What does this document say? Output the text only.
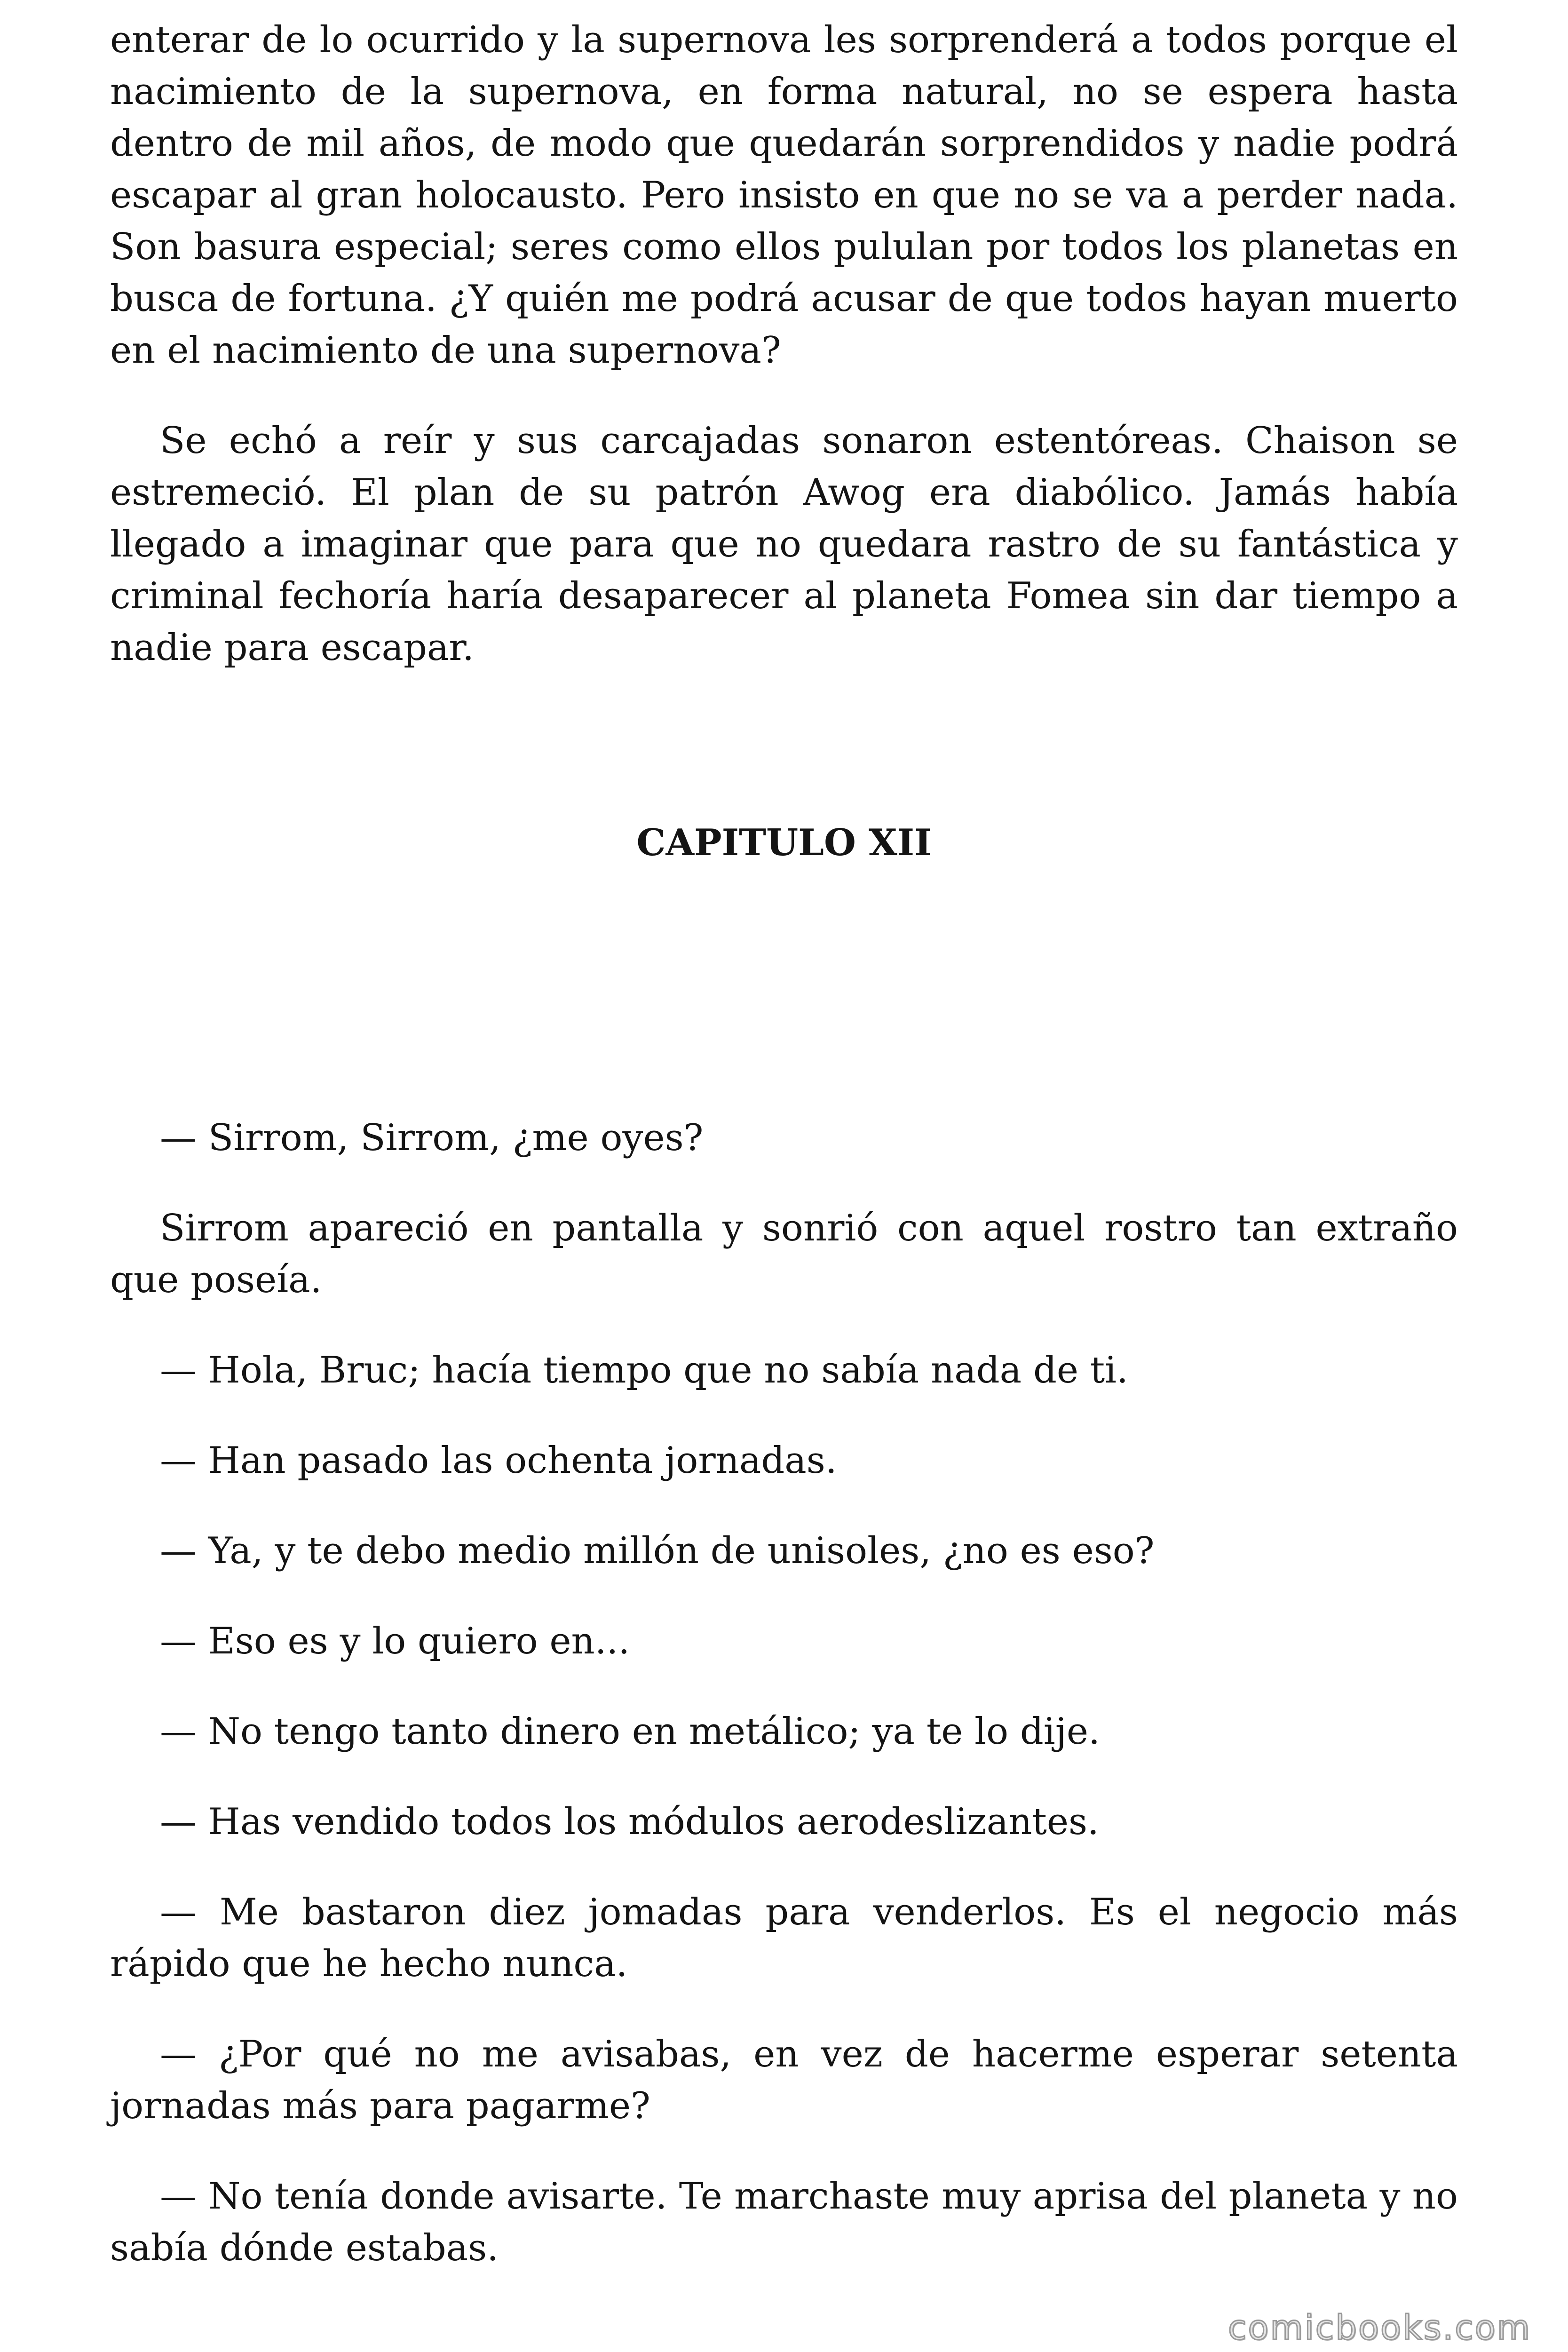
enterar de lo ocurrido y la supernova les sorprenderá a todos porque el nacimiento de la supernova, en forma natural, no se espera hasta dentro de mil años, de modo que quedarán sorprendidos y nadie podrá escapar al gran holocausto. Pero insisto en que no se va a perder nada. Son basura especial; seres como ellos pululan por todos los planetas en busca de fortuna. ¿Y quién me podrá acusar de que todos hayan muerto en el nacimiento de una supernova?

Se echó a reír y sus carcajadas sonaron estentóreas. Chaison se estremeció. El plan de su patrón Awog era diabólico. Jamás había llegado a imaginar que para que no quedara rastro de su fantástica y criminal fechoría haría desaparecer al planeta Fomea sin dar tiempo a nadie para escapar.

CAPITULO XII

— Sirrom, Sirrom, ¿me oyes?

Sirrom apareció en pantalla y sonrió con aquel rostro tan extraño que poseía.

— Hola, Bruc; hacía tiempo que no sabía nada de ti.

— Han pasado las ochenta jornadas.

— Ya, y te debo medio millón de unisoles, ¿no es eso?

— Eso es y lo quiero en...

— No tengo tanto dinero en metálico; ya te lo dije.

— Has vendido todos los módulos aerodeslizantes.

— Me bastaron diez jomadas para venderlos. Es el negocio más rápido que he hecho nunca.

— ¿Por qué no me avisabas, en vez de hacerme esperar setenta jornadas más para pagarme?

— No tenía donde avisarte. Te marchaste muy aprisa del planeta y no sabía dónde estabas.

comicbooks.com
